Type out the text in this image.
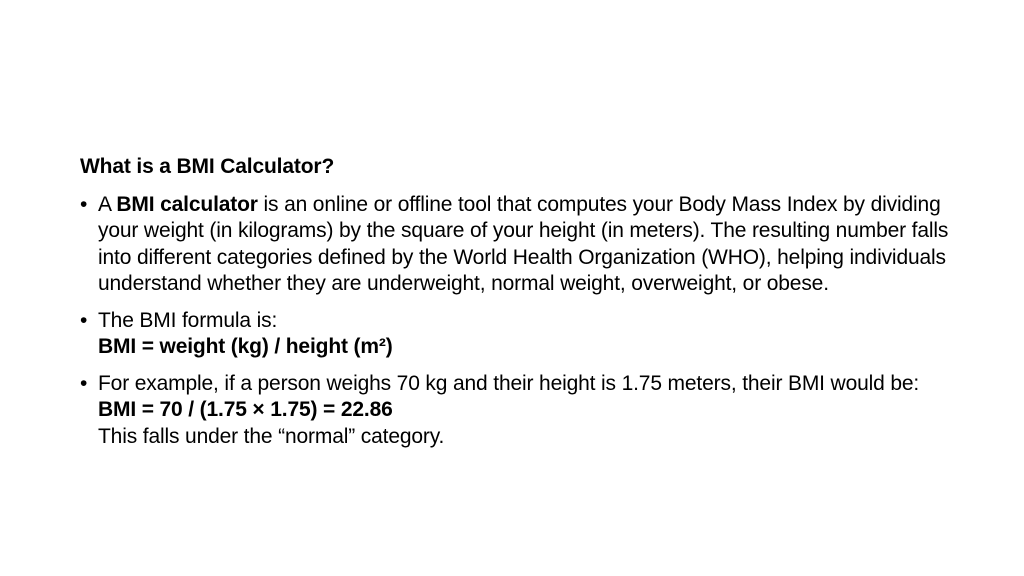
What is a BMI Calculator?
• A BMI calculator is an online or offline tool that computes your Body Mass Index by dividing your weight (in kilograms) by the square of your height (in meters). The resulting number falls into different categories defined by the World Health Organization (WHO), helping individuals understand whether they are underweight, normal weight, overweight, or obese.
• The BMI formula is:
BMI = weight (kg) / height (m²)
• For example, if a person weighs 70 kg and their height is 1.75 meters, their BMI would be:
BMI = 70 / (1.75 × 1.75) = 22.86
This falls under the “normal” category.
